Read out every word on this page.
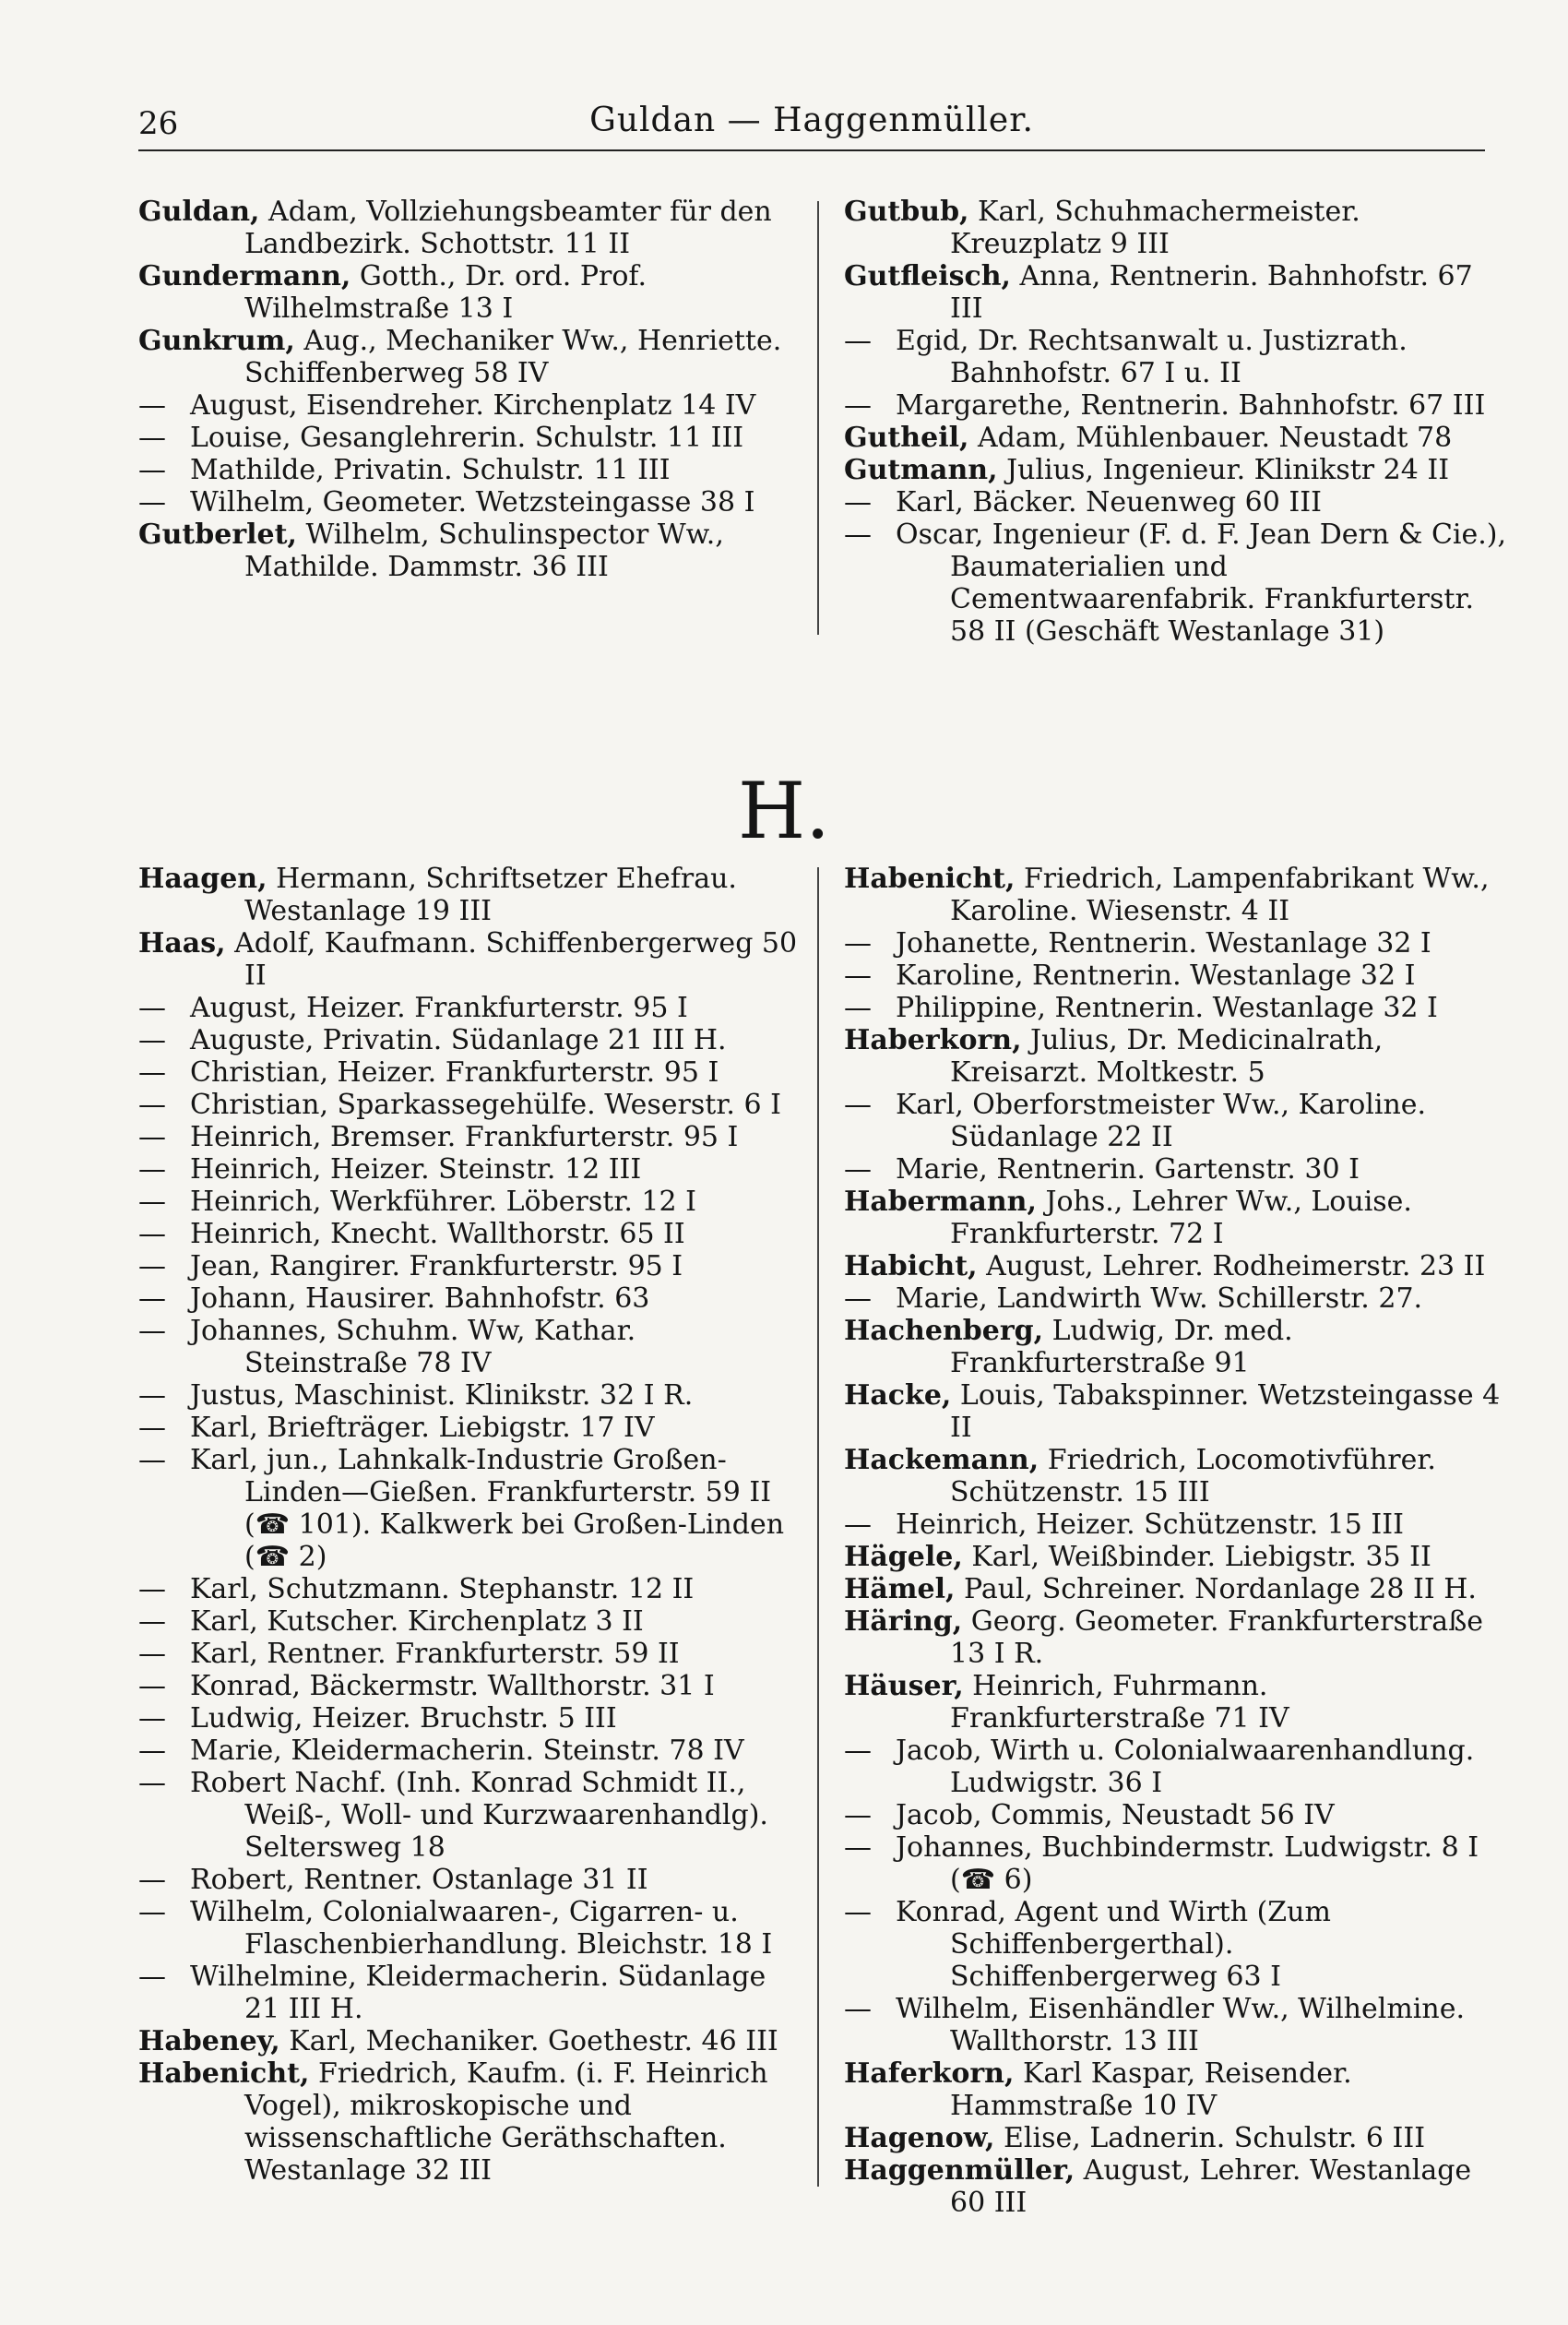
26	Guldan — Haggenmüller.
Guldan, Adam, Vollziehungsbeamter für den Landbezirk. Schottstr. 11 II
Gundermann, Gotth., Dr. ord. Prof. Wilhelmstraße 13 I
Gunkrum, Aug., Mechaniker Ww., Henriette. Schiffenberweg 58 IV
— August, Eisendreher. Kirchenplatz 14 IV
— Louise, Gesanglehrerin. Schulstr. 11 III
— Mathilde, Privatin. Schulstr. 11 III
— Wilhelm, Geometer. Wetzsteingasse 38 I
Gutberlet, Wilhelm, Schulinspector Ww., Mathilde. Dammstr. 36 III
Gutbub, Karl, Schuhmachermeister. Kreuzplatz 9 III
Gutfleisch, Anna, Rentnerin. Bahnhofstr. 67 III
— Egid, Dr. Rechtsanwalt u. Justizrath. Bahnhofstr. 67 I u. II
— Margarethe, Rentnerin. Bahnhofstr. 67 III
Gutheil, Adam, Mühlenbauer. Neustadt 78
Gutmann, Julius, Ingenieur. Klinikstr 24 II
— Karl, Bäcker. Neuenweg 60 III
— Oscar, Ingenieur (F. d. F. Jean Dern & Cie.), Baumaterialien und Cementwaarenfabrik. Frankfurterstr. 58 II (Geschäft Westanlage 31)
H.
Haagen, Hermann, Schriftsetzer Ehefrau. Westanlage 19 III
Haas, Adolf, Kaufmann. Schiffenbergerweg 50 II
— August, Heizer. Frankfurterstr. 95 I
— Auguste, Privatin. Südanlage 21 III H.
— Christian, Heizer. Frankfurterstr. 95 I
— Christian, Sparkassegehülfe. Weserstr. 6 I
— Heinrich, Bremser. Frankfurterstr. 95 I
— Heinrich, Heizer. Steinstr. 12 III
— Heinrich, Werkführer. Löberstr. 12 I
— Heinrich, Knecht. Wallthorstr. 65 II
— Jean, Rangirer. Frankfurterstr. 95 I
— Johann, Hausirer. Bahnhofstr. 63
— Johannes, Schuhm. Ww, Kathar. Steinstraße 78 IV
— Justus, Maschinist. Klinikstr. 32 I R.
— Karl, Briefträger. Liebigstr. 17 IV
— Karl, jun., Lahnkalk-Industrie Großen-Linden—Gießen. Frankfurterstr. 59 II (☎ 101). Kalkwerk bei Großen-Linden (☎ 2)
— Karl, Schutzmann. Stephanstr. 12 II
— Karl, Kutscher. Kirchenplatz 3 II
— Karl, Rentner. Frankfurterstr. 59 II
— Konrad, Bäckermstr. Wallthorstr. 31 I
— Ludwig, Heizer. Bruchstr. 5 III
— Marie, Kleidermacherin. Steinstr. 78 IV
— Robert Nachf. (Inh. Konrad Schmidt II., Weiß-, Woll- und Kurzwaarenhandlg). Seltersweg 18
— Robert, Rentner. Ostanlage 31 II
— Wilhelm, Colonialwaaren-, Cigarren- u. Flaschenbierhandlung. Bleichstr. 18 I
— Wilhelmine, Kleidermacherin. Südanlage 21 III H.
Habeney, Karl, Mechaniker. Goethestr. 46 III
Habenicht, Friedrich, Kaufm. (i. F. Heinrich Vogel), mikroskopische und wissenschaftliche Geräthschaften. Westanlage 32 III
Habenicht, Friedrich, Lampenfabrikant Ww., Karoline. Wiesenstr. 4 II
— Johanette, Rentnerin. Westanlage 32 I
— Karoline, Rentnerin. Westanlage 32 I
— Philippine, Rentnerin. Westanlage 32 I
Haberkorn, Julius, Dr. Medicinalrath, Kreisarzt. Moltkestr. 5
— Karl, Oberforstmeister Ww., Karoline. Südanlage 22 II
— Marie, Rentnerin. Gartenstr. 30 I
Habermann, Johs., Lehrer Ww., Louise. Frankfurterstr. 72 I
Habicht, August, Lehrer. Rodheimerstr. 23 II
— Marie, Landwirth Ww. Schillerstr. 27.
Hachenberg, Ludwig, Dr. med. Frankfurterstraße 91
Hacke, Louis, Tabakspinner. Wetzsteingasse 4 II
Hackemann, Friedrich, Locomotivführer. Schützenstr. 15 III
— Heinrich, Heizer. Schützenstr. 15 III
Hägele, Karl, Weißbinder. Liebigstr. 35 II
Hämel, Paul, Schreiner. Nordanlage 28 II H.
Häring, Georg. Geometer. Frankfurterstraße 13 I R.
Häuser, Heinrich, Fuhrmann. Frankfurterstraße 71 IV
— Jacob, Wirth u. Colonialwaarenhandlung. Ludwigstr. 36 I
— Jacob, Commis, Neustadt 56 IV
— Johannes, Buchbindermstr. Ludwigstr. 8 I (☎ 6)
— Konrad, Agent und Wirth (Zum Schiffenbergerthal). Schiffenbergerweg 63 I
— Wilhelm, Eisenhändler Ww., Wilhelmine. Wallthorstr. 13 III
Haferkorn, Karl Kaspar, Reisender. Hammstraße 10 IV
Hagenow, Elise, Ladnerin. Schulstr. 6 III
Haggenmüller, August, Lehrer. Westanlage 60 III
